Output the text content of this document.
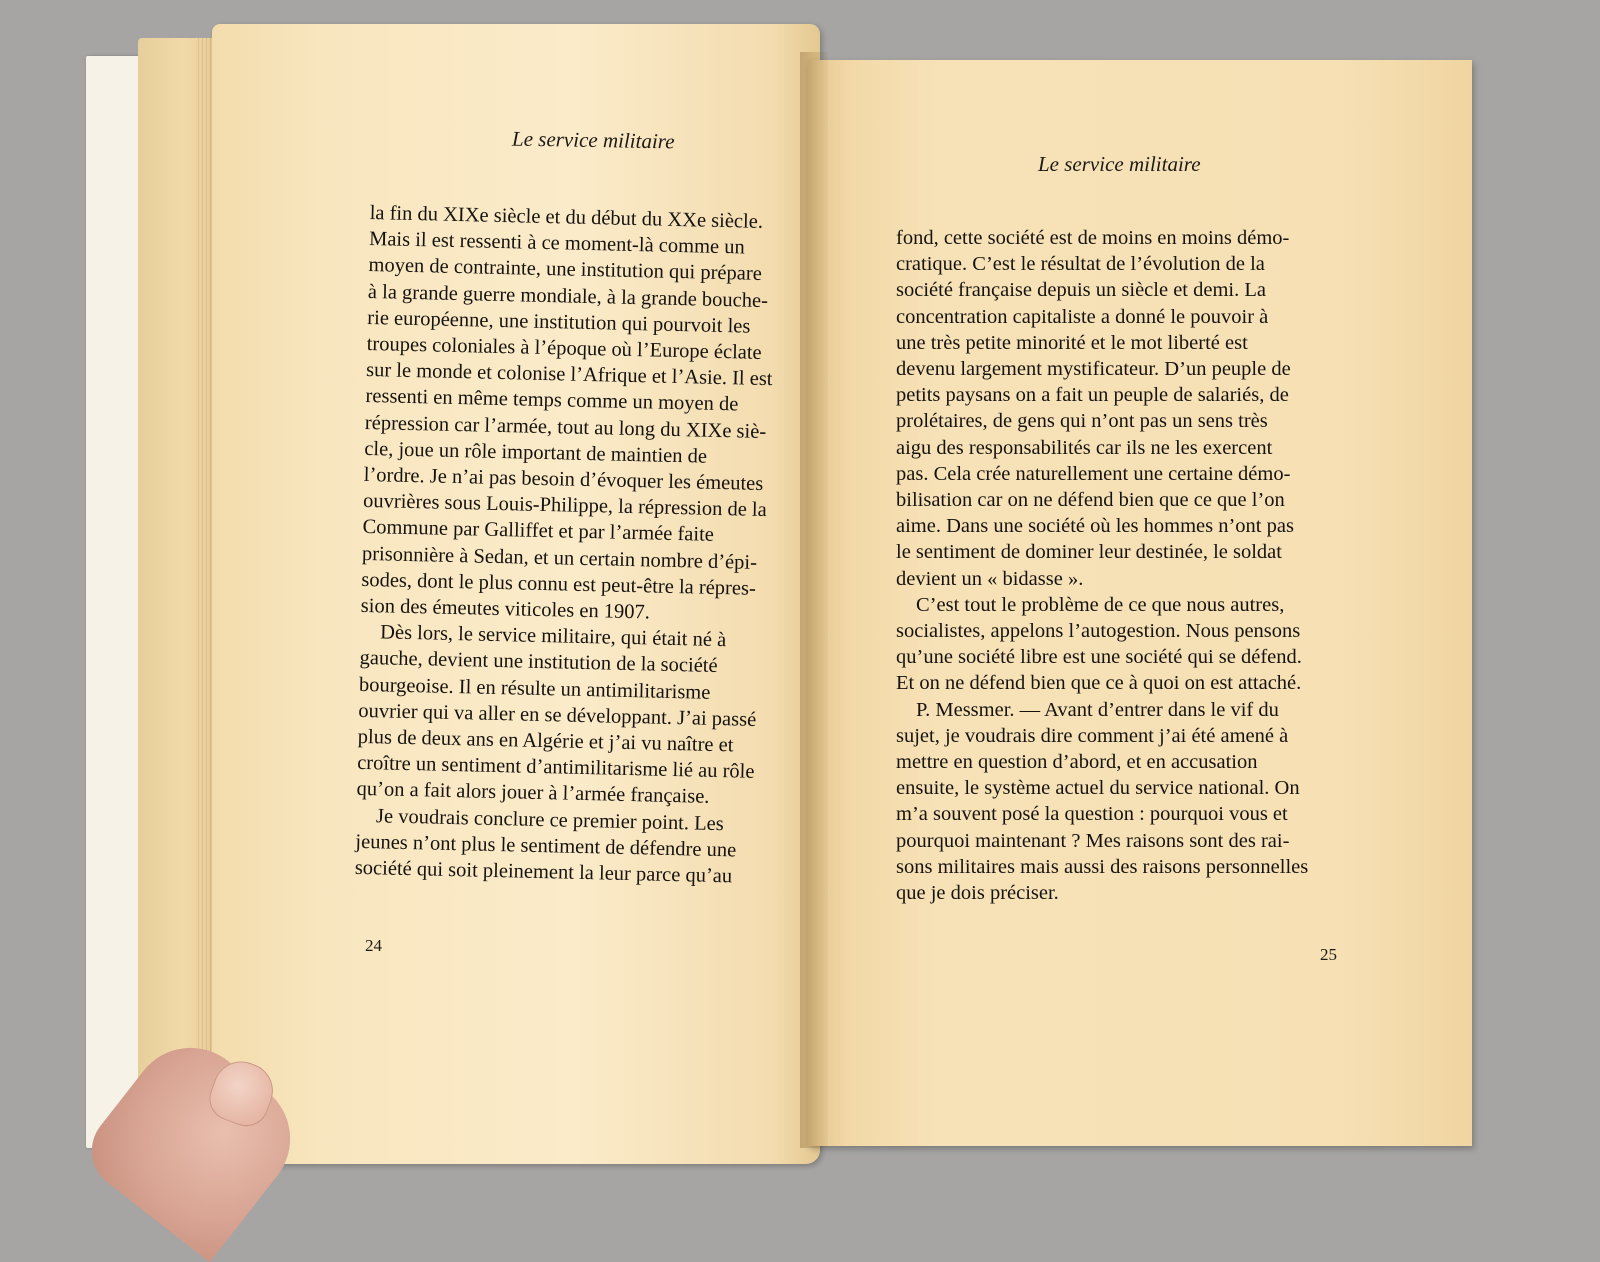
Le service militaire
la fin du XIXe siècle et du début du XXe siècle.
Mais il est ressenti à ce moment-là comme un
moyen de contrainte, une institution qui prépare
à la grande guerre mondiale, à la grande bouche-
rie européenne, une institution qui pourvoit les
troupes coloniales à l’époque où l’Europe éclate
sur le monde et colonise l’Afrique et l’Asie. Il est
ressenti en même temps comme un moyen de
répression car l’armée, tout au long du XIXe siè-
cle, joue un rôle important de maintien de
l’ordre. Je n’ai pas besoin d’évoquer les émeutes
ouvrières sous Louis-Philippe, la répression de la
Commune par Galliffet et par l’armée faite
prisonnière à Sedan, et un certain nombre d’épi-
sodes, dont le plus connu est peut-être la répres-
sion des émeutes viticoles en 1907.
Dès lors, le service militaire, qui était né à
gauche, devient une institution de la société
bourgeoise. Il en résulte un antimilitarisme
ouvrier qui va aller en se développant. J’ai passé
plus de deux ans en Algérie et j’ai vu naître et
croître un sentiment d’antimilitarisme lié au rôle
qu’on a fait alors jouer à l’armée française.
Je voudrais conclure ce premier point. Les
jeunes n’ont plus le sentiment de défendre une
société qui soit pleinement la leur parce qu’au
24
Le service militaire
fond, cette société est de moins en moins démo-
cratique. C’est le résultat de l’évolution de la
société française depuis un siècle et demi. La
concentration capitaliste a donné le pouvoir à
une très petite minorité et le mot liberté est
devenu largement mystificateur. D’un peuple de
petits paysans on a fait un peuple de salariés, de
prolétaires, de gens qui n’ont pas un sens très
aigu des responsabilités car ils ne les exercent
pas. Cela crée naturellement une certaine démo-
bilisation car on ne défend bien que ce que l’on
aime. Dans une société où les hommes n’ont pas
le sentiment de dominer leur destinée, le soldat
devient un « bidasse ».
C’est tout le problème de ce que nous autres,
socialistes, appelons l’autogestion. Nous pensons
qu’une société libre est une société qui se défend.
Et on ne défend bien que ce à quoi on est attaché.
P. Messmer. — Avant d’entrer dans le vif du
sujet, je voudrais dire comment j’ai été amené à
mettre en question d’abord, et en accusation
ensuite, le système actuel du service national. On
m’a souvent posé la question : pourquoi vous et
pourquoi maintenant ? Mes raisons sont des rai-
sons militaires mais aussi des raisons personnelles
que je dois préciser.
25
